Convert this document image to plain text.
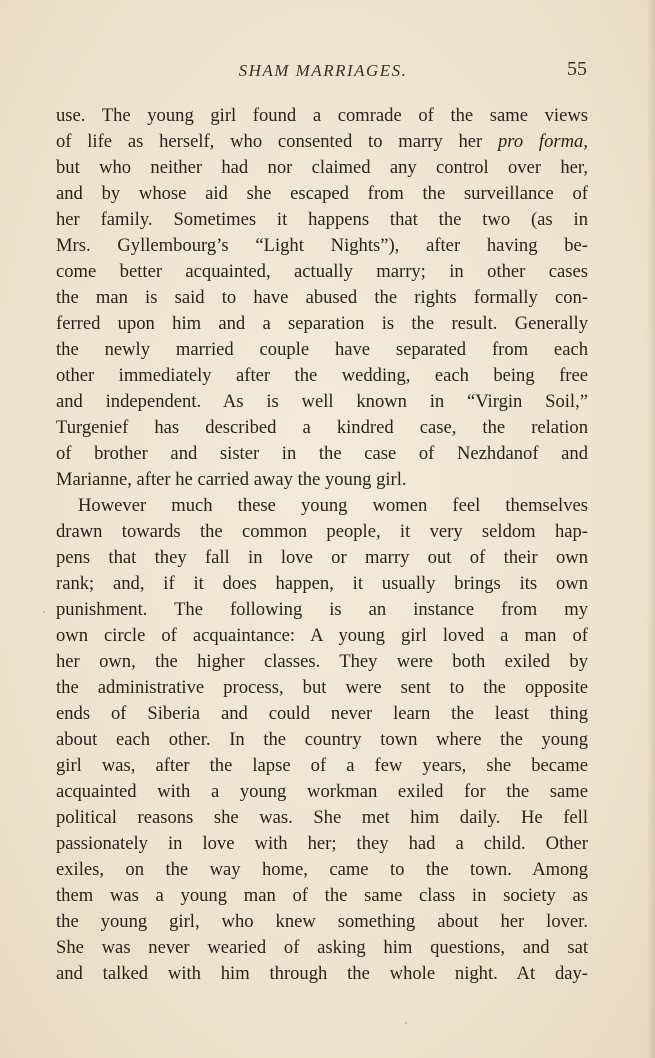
SHAM MARRIAGES.	55
use. The young girl found a comrade of the same views
of life as herself, who consented to marry her pro forma,
but who neither had nor claimed any control over her,
and by whose aid she escaped from the surveillance of
her family. Sometimes it happens that the two (as in
Mrs. Gyllembourg’s “Light Nights”), after having be-
come better acquainted, actually marry; in other cases
the man is said to have abused the rights formally con-
ferred upon him and a separation is the result. Generally
the newly married couple have separated from each
other immediately after the wedding, each being free
and independent. As is well known in “Virgin Soil,”
Turgenief has described a kindred case, the relation
of brother and sister in the case of Nezhdanof and
Marianne, after he carried away the young girl.
However much these young women feel themselves
drawn towards the common people, it very seldom hap-
pens that they fall in love or marry out of their own
rank; and, if it does happen, it usually brings its own
punishment. The following is an instance from my
own circle of acquaintance: A young girl loved a man of
her own, the higher classes. They were both exiled by
the administrative process, but were sent to the opposite
ends of Siberia and could never learn the least thing
about each other. In the country town where the young
girl was, after the lapse of a few years, she became
acquainted with a young workman exiled for the same
political reasons she was. She met him daily. He fell
passionately in love with her; they had a child. Other
exiles, on the way home, came to the town. Among
them was a young man of the same class in society as
the young girl, who knew something about her lover.
She was never wearied of asking him questions, and sat
and talked with him through the whole night. At day-
